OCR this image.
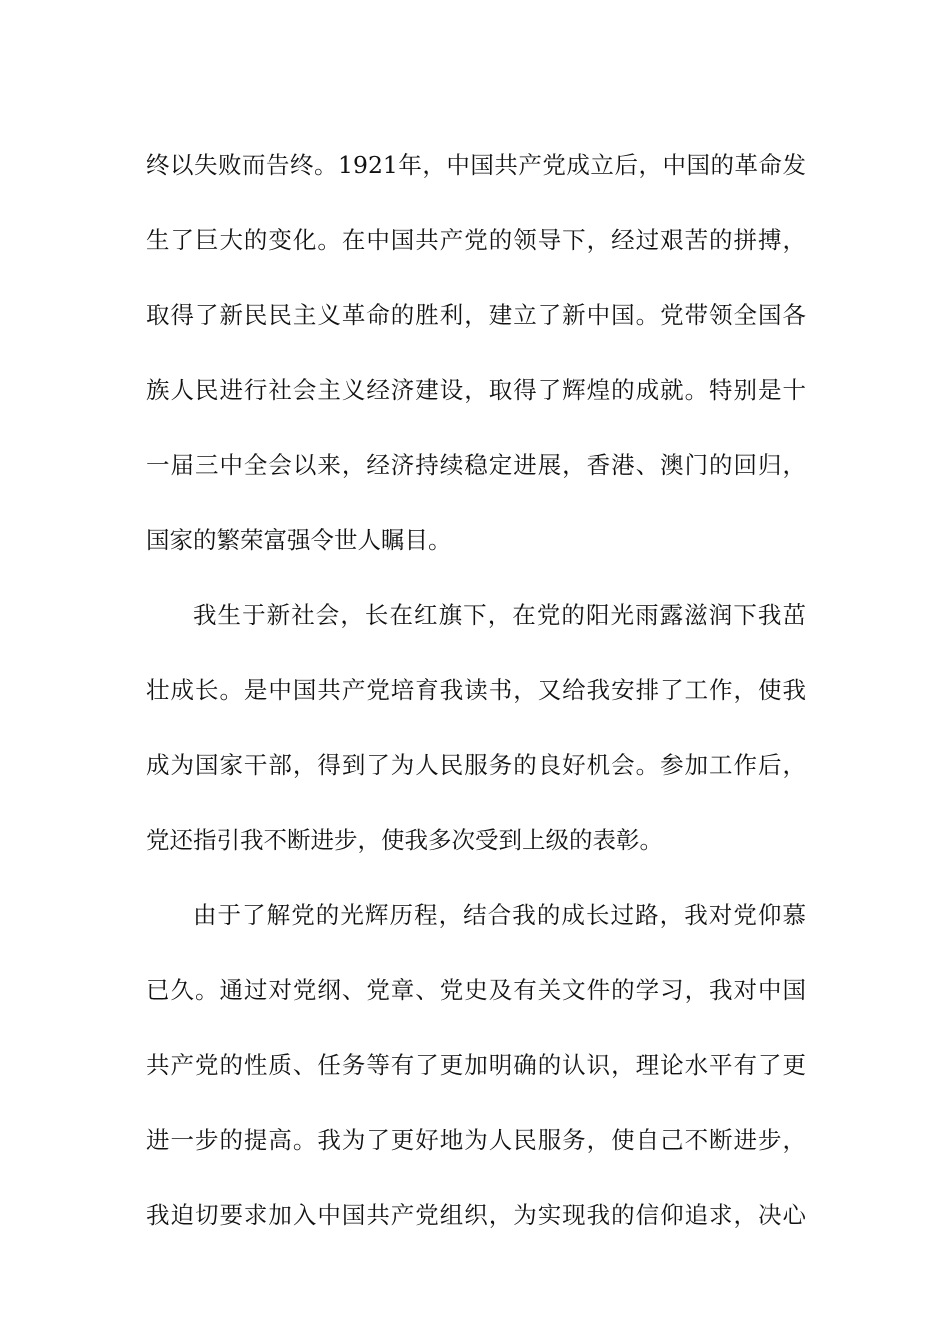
终以失败而告终。1921年，中国共产党成立后，中国的革命发
生了巨大的变化。在中国共产党的领导下，经过艰苦的拼搏，
取得了新民民主义革命的胜利，建立了新中国。党带领全国各
族人民进行社会主义经济建设，取得了辉煌的成就。特别是十
一届三中全会以来，经济持续稳定进展，香港、澳门的回归，
国家的繁荣富强令世人瞩目。
我生于新社会，长在红旗下，在党的阳光雨露滋润下我茁
壮成长。是中国共产党培育我读书，又给我安排了工作，使我
成为国家干部，得到了为人民服务的良好机会。参加工作后，
党还指引我不断进步，使我多次受到上级的表彰。
由于了解党的光辉历程，结合我的成长过路，我对党仰慕
已久。通过对党纲、党章、党史及有关文件的学习，我对中国
共产党的性质、任务等有了更加明确的认识，理论水平有了更
进一步的提高。我为了更好地为人民服务，使自己不断进步，
我迫切要求加入中国共产党组织，为实现我的信仰追求，决心
